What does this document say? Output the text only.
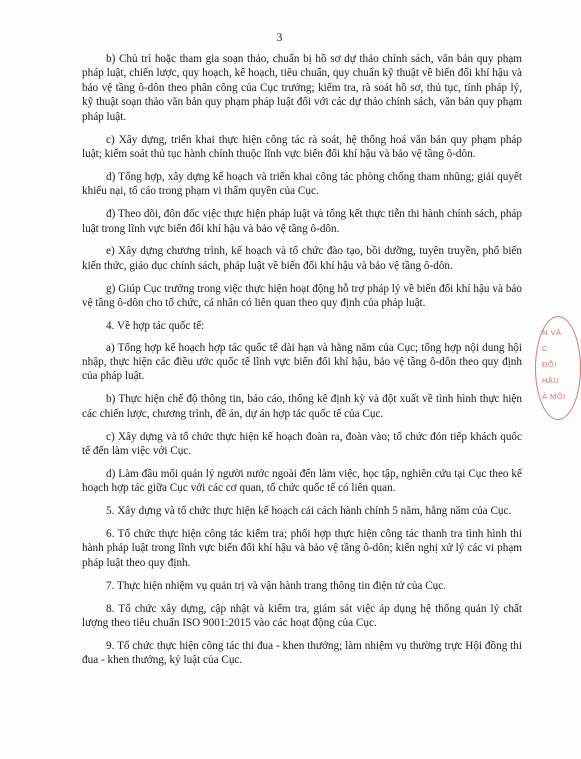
3

b) Chủ trì hoặc tham gia soạn thảo, chuẩn bị hồ sơ dự thảo chính sách, văn bản quy phạm pháp luật, chiến lược, quy hoạch, kế hoạch, tiêu chuẩn, quy chuẩn kỹ thuật về biến đổi khí hậu và bảo vệ tầng ô-dôn theo phân công của Cục trưởng; kiểm tra, rà soát hồ sơ, thủ tục, tính pháp lý, kỹ thuật soạn thảo văn bản quy phạm pháp luật đối với các dự thảo chính sách, văn bản quy phạm pháp luật.

c) Xây dựng, triển khai thực hiện công tác rà soát, hệ thống hoá văn bản quy phạm pháp luật; kiểm soát thủ tục hành chính thuộc lĩnh vực biến đổi khí hậu và bảo vệ tầng ô-dôn.

d) Tổng hợp, xây dựng kế hoạch và triển khai công tác phòng chống tham nhũng; giải quyết khiếu nại, tố cáo trong phạm vi thẩm quyền của Cục.

đ) Theo dõi, đôn đốc việc thực hiện pháp luật và tổng kết thực tiễn thi hành chính sách, pháp luật trong lĩnh vực biến đổi khí hậu và bảo vệ tầng ô-dôn.

e) Xây dựng chương trình, kế hoạch và tổ chức đào tạo, bồi dưỡng, tuyên truyền, phổ biến kiến thức, giáo dục chính sách, pháp luật về biến đổi khí hậu và bảo vệ tầng ô-dôn.

g) Giúp Cục trưởng trong việc thực hiện hoạt động hỗ trợ pháp lý về biến đổi khí hậu và bảo vệ tầng ô-dôn cho tổ chức, cá nhân có liên quan theo quy định của pháp luật.

4. Về hợp tác quốc tế:

a) Tổng hợp kế hoạch hợp tác quốc tế dài hạn và hằng năm của Cục; tổng hợp nội dung hội nhập, thực hiện các điều ước quốc tế lĩnh vực biến đổi khí hậu, bảo vệ tầng ô-dôn theo quy định của pháp luật.

b) Thực hiện chế độ thông tin, báo cáo, thống kê định kỳ và đột xuất về tình hình thực hiện các chiến lược, chương trình, đề án, dự án hợp tác quốc tế của Cục.

c) Xây dựng và tổ chức thực hiện kế hoạch đoàn ra, đoàn vào; tổ chức đón tiếp khách quốc tế đến làm việc với Cục.

d) Làm đầu mối quản lý người nước ngoài đến làm việc, học tập, nghiên cứu tại Cục theo kế hoạch hợp tác giữa Cục với các cơ quan, tổ chức quốc tế có liên quan.

5. Xây dựng và tổ chức thực hiện kế hoạch cải cách hành chính 5 năm, hằng năm của Cục.

6. Tổ chức thực hiện công tác kiểm tra; phối hợp thực hiện công tác thanh tra tình hình thi hành pháp luật trong lĩnh vực biến đổi khí hậu và bảo vệ tầng ô-dôn; kiến nghị xử lý các vi phạm pháp luật theo quy định.

7. Thực hiện nhiệm vụ quản trị và vận hành trang thông tin điện tử của Cục.

8. Tổ chức xây dựng, cập nhật và kiểm tra, giám sát việc áp dụng hệ thống quản lý chất lượng theo tiêu chuẩn ISO 9001:2015 vào các hoạt động của Cục.

9. Tổ chức thực hiện công tác thi đua - khen thưởng; làm nhiệm vụ thường trực Hội đồng thi đua - khen thưởng, kỷ luật của Cục.

N VÀ
C
ĐỔI
HẬU
Â MÔI
